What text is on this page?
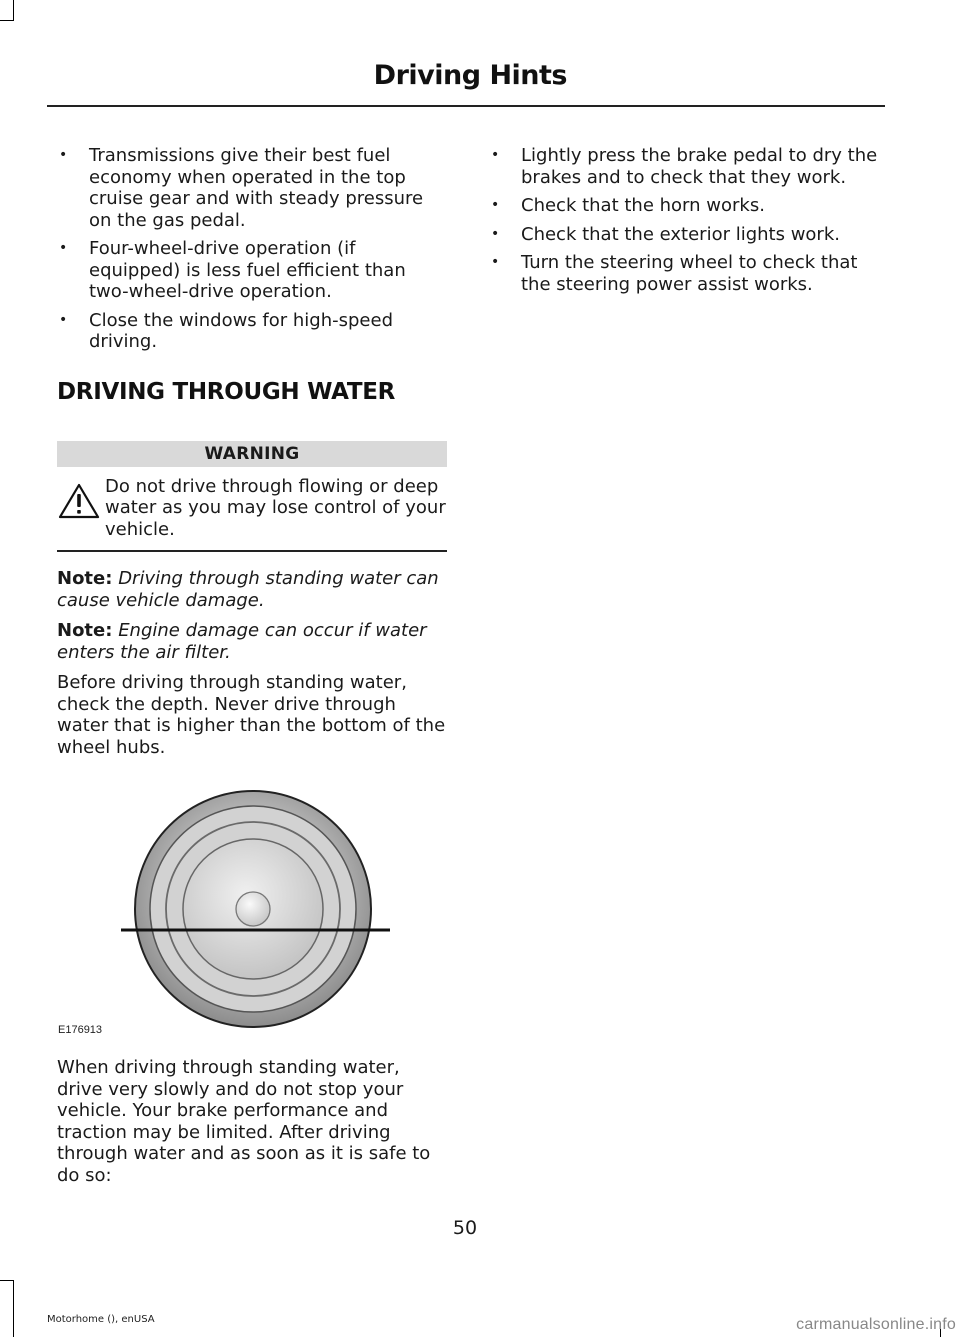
Driving Hints
• Transmissions give their best fuel economy when operated in the top cruise gear and with steady pressure on the gas pedal.
• Four-wheel-drive operation (if equipped) is less fuel efficient than two-wheel-drive operation.
• Close the windows for high-speed driving.
DRIVING THROUGH WATER
WARNING
Do not drive through flowing or deep water as you may lose control of your vehicle.
Note: Driving through standing water can cause vehicle damage.
Note: Engine damage can occur if water enters the air filter.
Before driving through standing water, check the depth. Never drive through water that is higher than the bottom of the wheel hubs.
E176913
When driving through standing water, drive very slowly and do not stop your vehicle. Your brake performance and traction may be limited. After driving through water and as soon as it is safe to do so:
• Lightly press the brake pedal to dry the brakes and to check that they work.
• Check that the horn works.
• Check that the exterior lights work.
• Turn the steering wheel to check that the steering power assist works.
50
Motorhome (), enUSA	carmanualsonline.info
